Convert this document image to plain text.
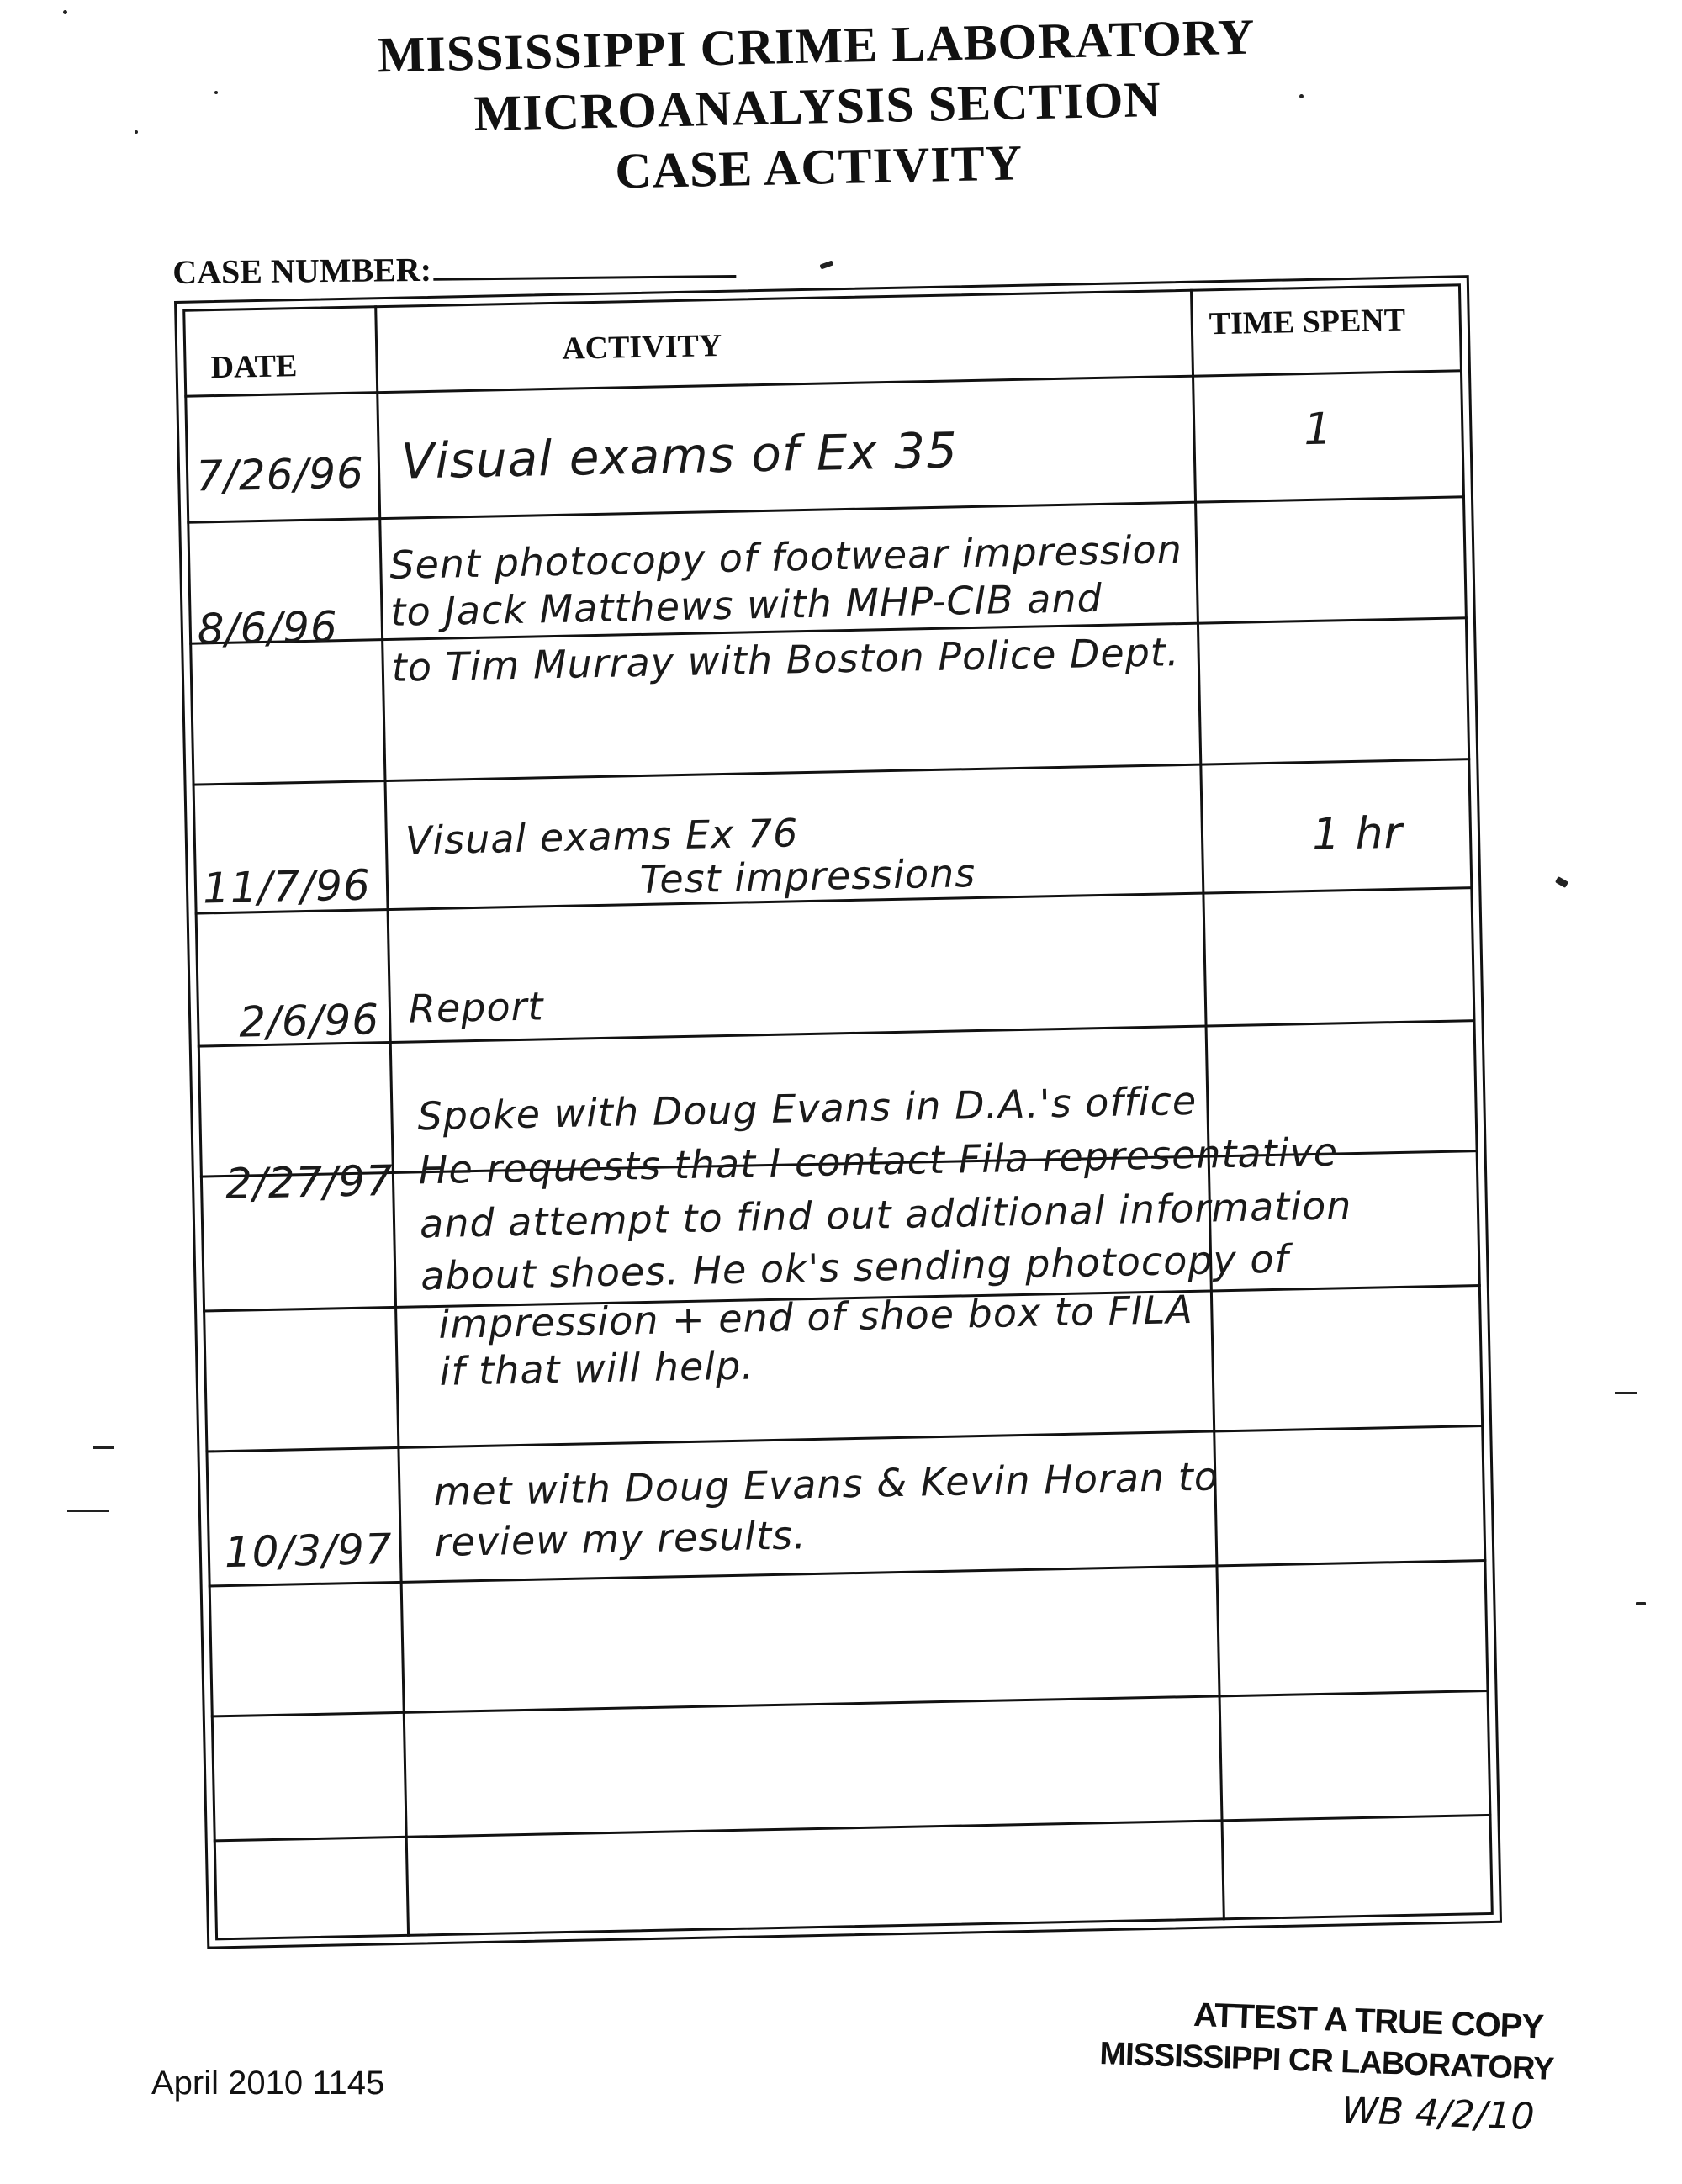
MISSISSIPPI CRIME LABORATORY
MICROANALYSIS SECTION
CASE ACTIVITY
CASE NUMBER:
DATE
ACTIVITY
TIME SPENT
7/26/96 Visual exams of Ex 35	1
8/6/96
Sent photocopy of footwear impression
to Jack Matthews with MHP-CIB and
to Tim Murray with Boston Police Dept.
11/7/96
Visual exams Ex 76
Test impressions
1 hr
2/6/96 Report
2/27/97
Spoke with Doug Evans in D.A.'s office
He requests that I contact Fila representative
and attempt to find out additional information
about shoes. He ok's sending photocopy of
impression + end of shoe box to FILA
if that will help.
10/3/97
met with Doug Evans & Kevin Horan to
review my results.
April 2010 1145
ATTEST A TRUE COPY
MISSISSIPPI CR LABORATORY
WB 4/2/10
